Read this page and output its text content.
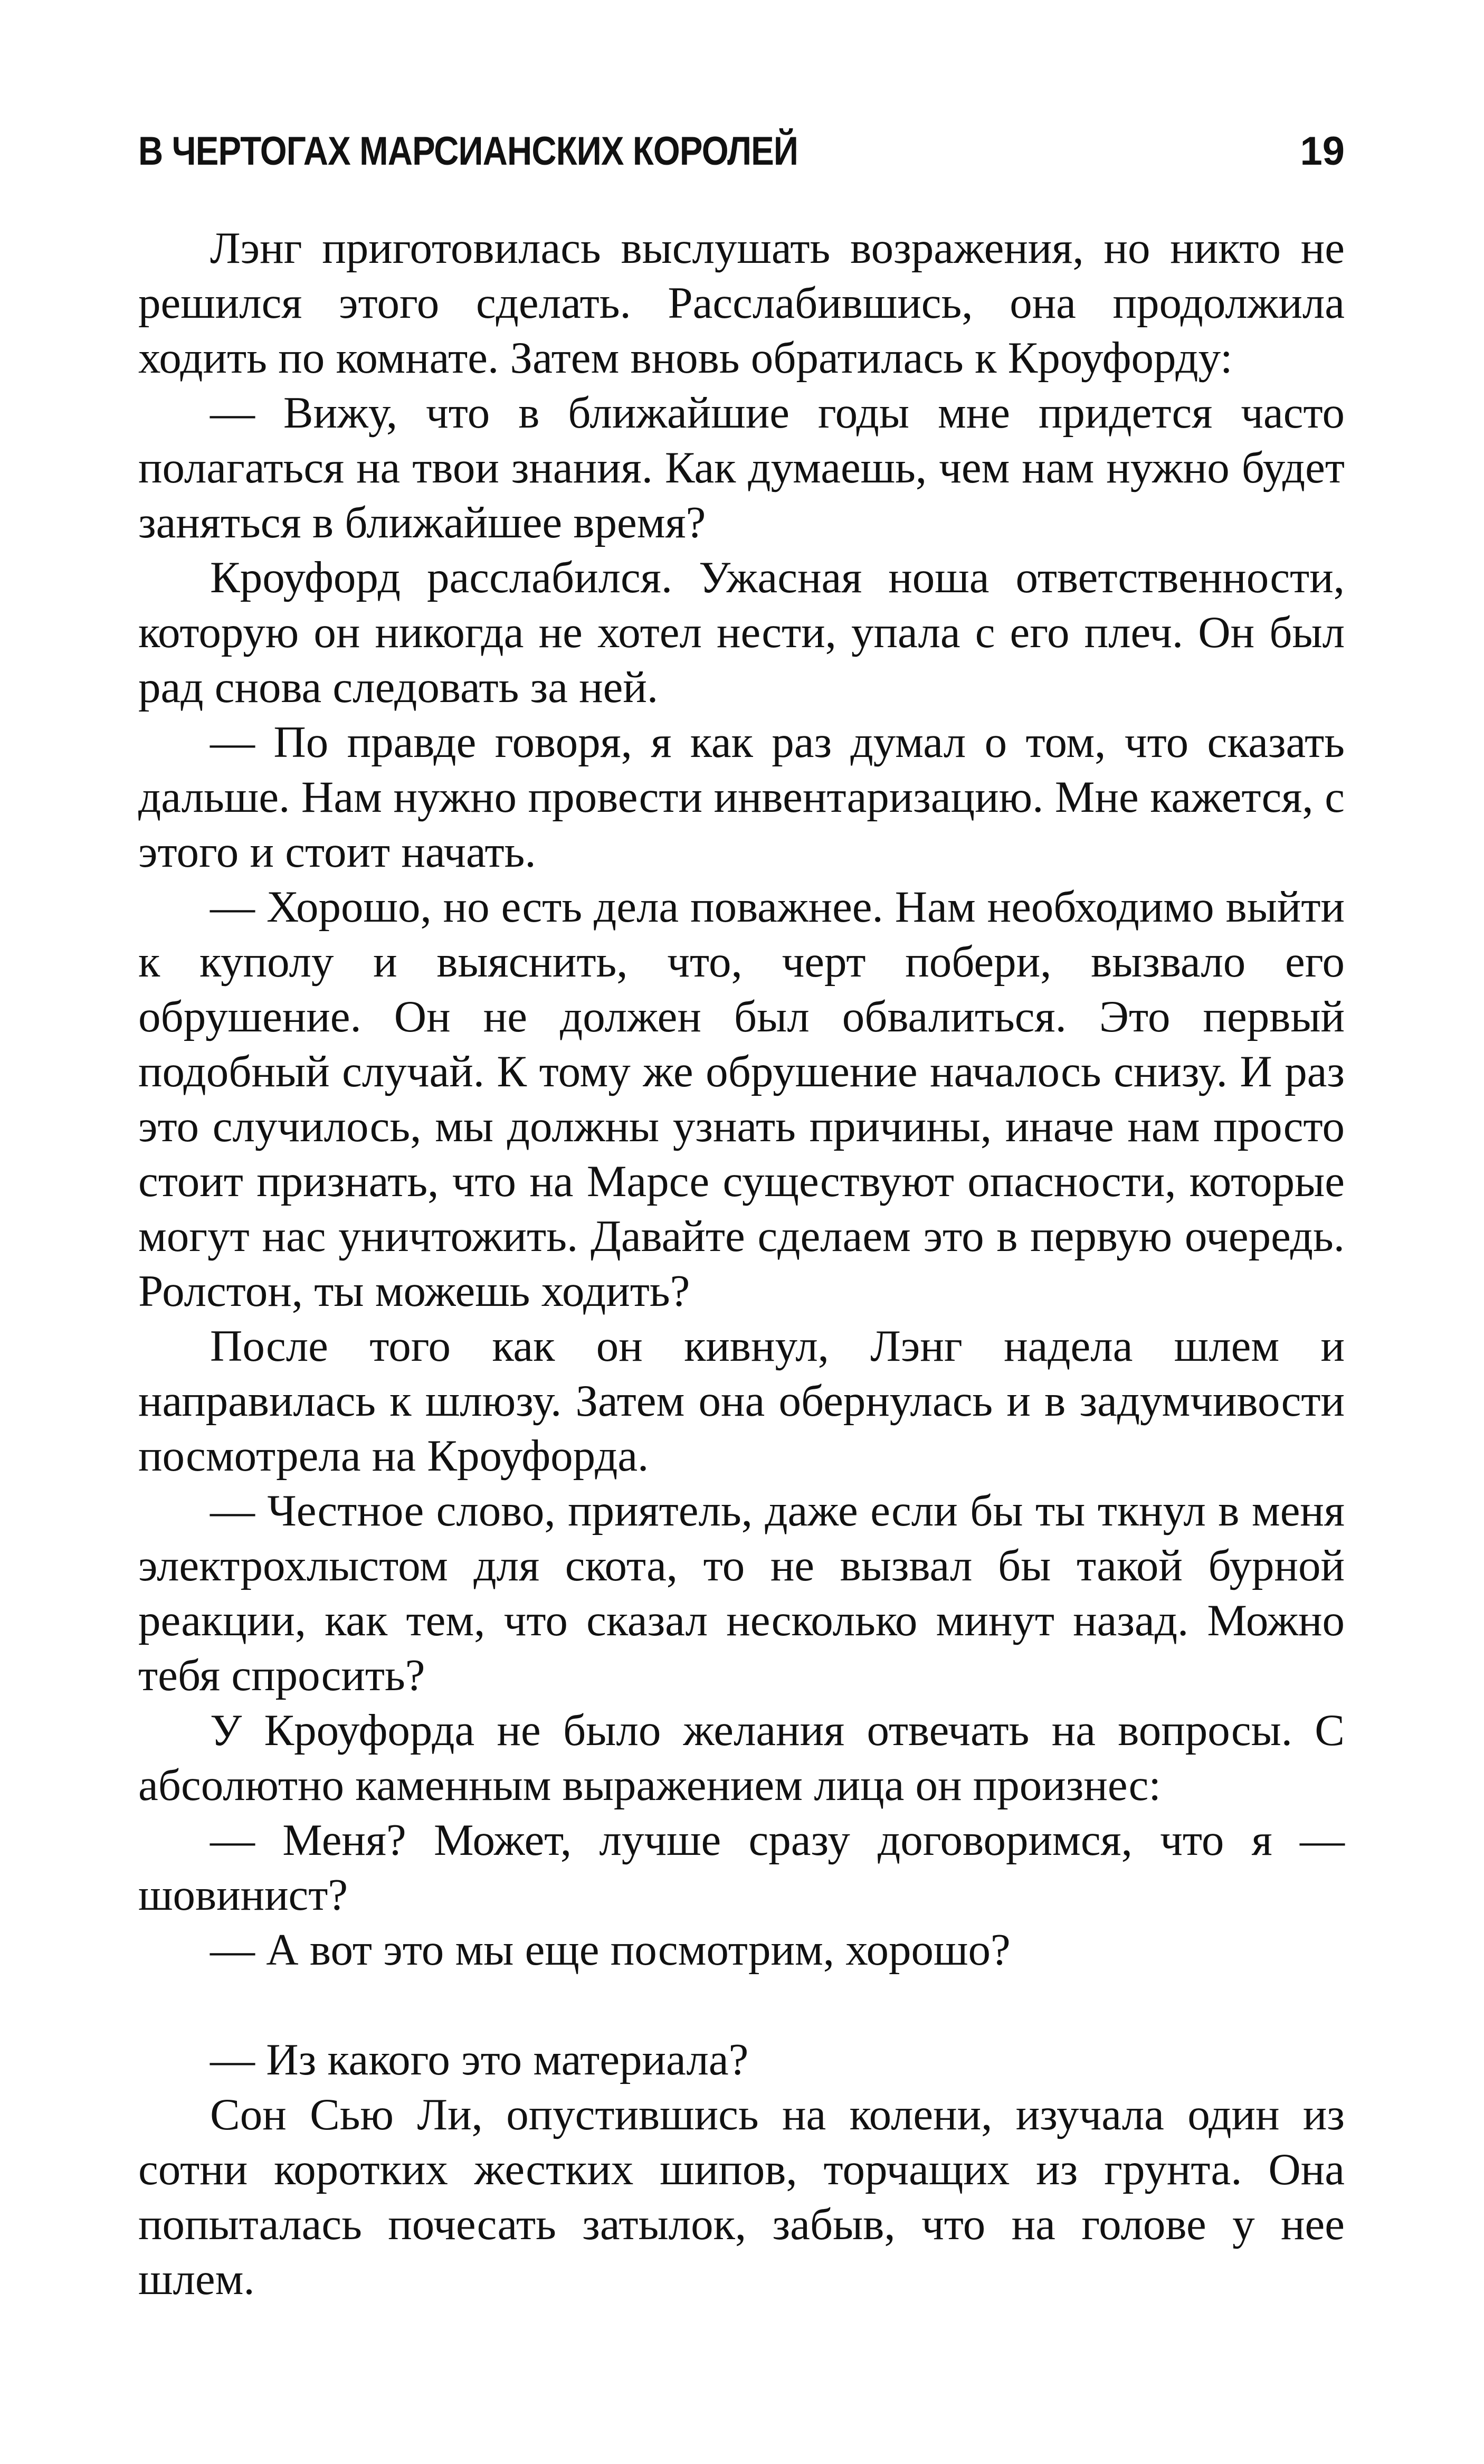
В ЧЕРТОГАХ МАРСИАНСКИХ КОРОЛЕЙ	19

Лэнг приготовилась выслушать возражения, но никто не решился этого сделать. Расслабившись, она продолжила ходить по комнате. Затем вновь обратилась к Кроуфорду:

— Вижу, что в ближайшие годы мне придется часто полагаться на твои знания. Как думаешь, чем нам нужно будет заняться в ближайшее время?

Кроуфорд расслабился. Ужасная ноша ответственности, которую он никогда не хотел нести, упала с его плеч. Он был рад снова следовать за ней.

— По правде говоря, я как раз думал о том, что сказать дальше. Нам нужно провести инвентаризацию. Мне кажется, с этого и стоит начать.

— Хорошо, но есть дела поважнее. Нам необходимо выйти к куполу и выяснить, что, черт побери, вызвало его обрушение. Он не должен был обвалиться. Это первый подобный случай. К тому же обрушение началось снизу. И раз это случилось, мы должны узнать причины, иначе нам просто стоит признать, что на Марсе существуют опасности, которые могут нас уничтожить. Давайте сделаем это в первую очередь. Ролстон, ты можешь ходить?

После того как он кивнул, Лэнг надела шлем и направилась к шлюзу. Затем она обернулась и в задумчивости посмотрела на Кроуфорда.

— Честное слово, приятель, даже если бы ты ткнул в меня электрохлыстом для скота, то не вызвал бы такой бурной реакции, как тем, что сказал несколько минут назад. Можно тебя спросить?

У Кроуфорда не было желания отвечать на вопросы. С абсолютно каменным выражением лица он произнес:

— Меня? Может, лучше сразу договоримся, что я — шовинист?

— А вот это мы еще посмотрим, хорошо?

— Из какого это материала?

Сон Сью Ли, опустившись на колени, изучала один из сотни коротких жестких шипов, торчащих из грунта. Она попыталась почесать затылок, забыв, что на голове у нее шлем.
